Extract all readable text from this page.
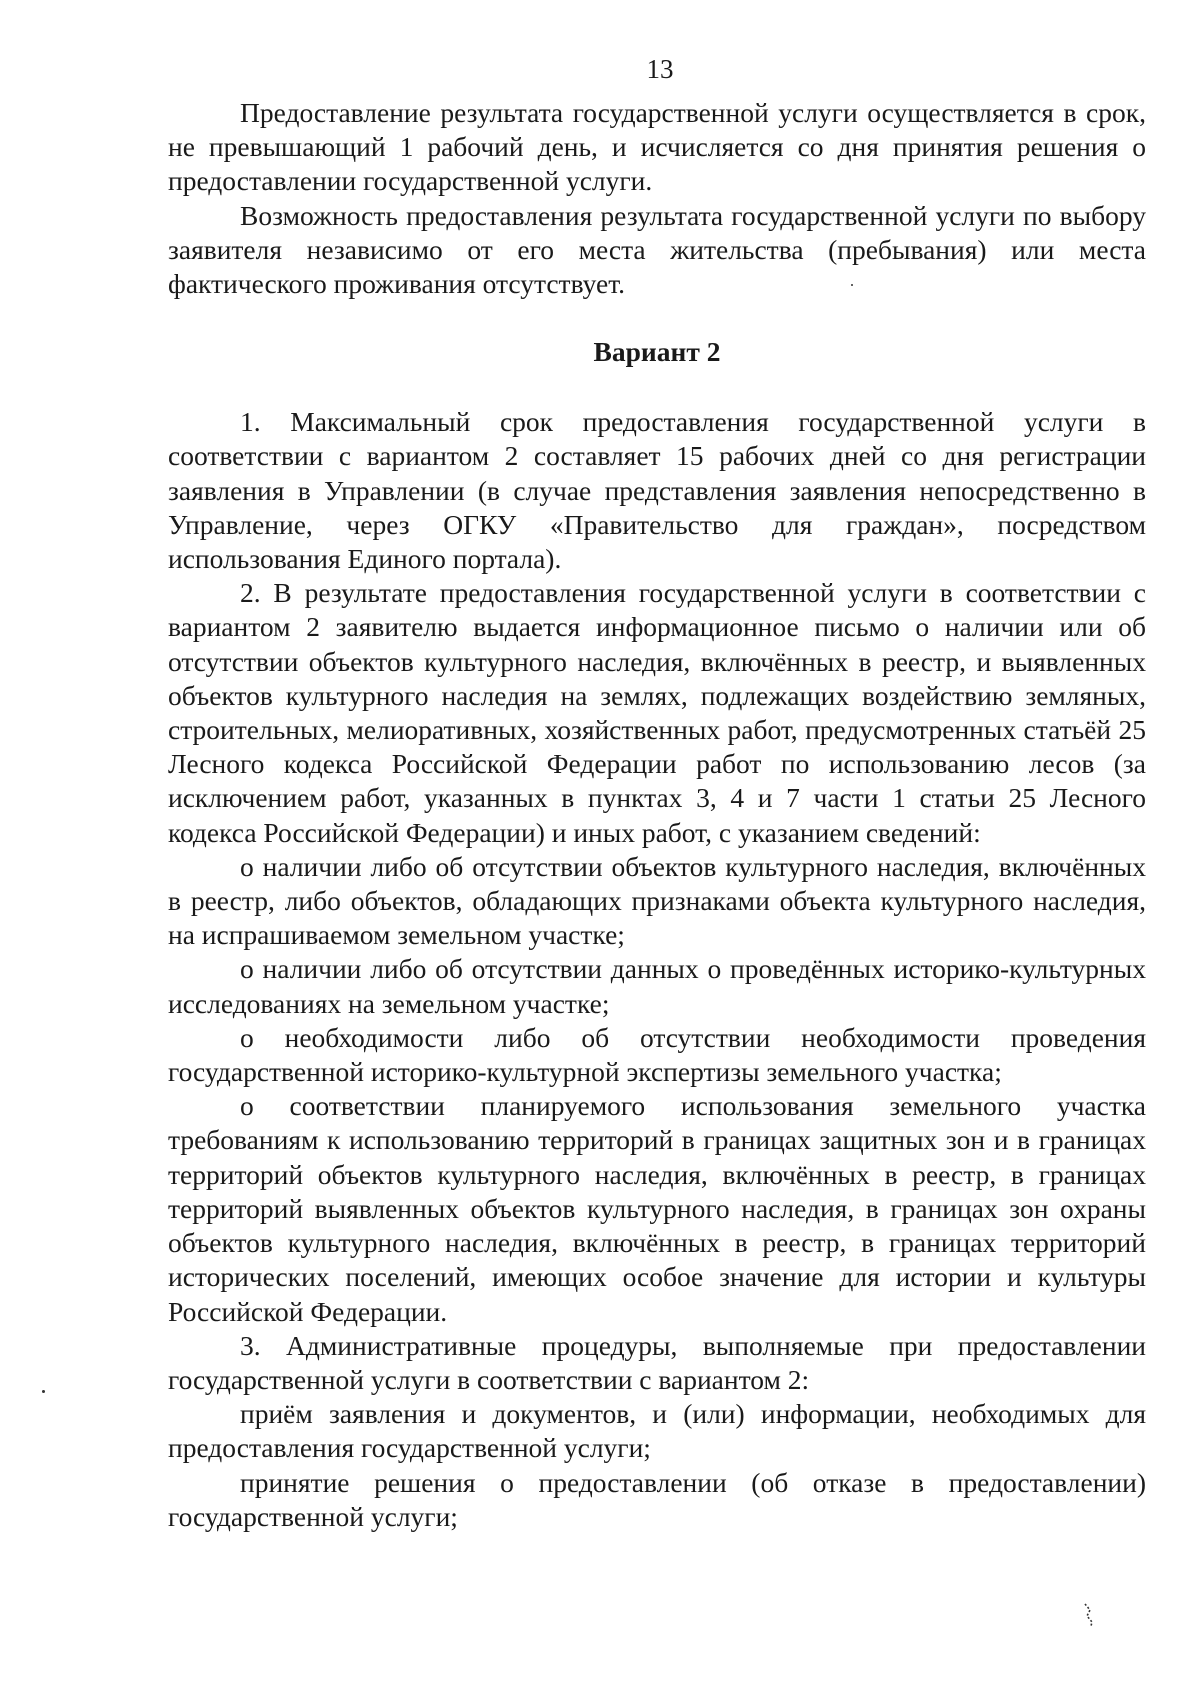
13

Предоставление результата государственной услуги осуществляется в срок, не превышающий 1 рабочий день, и исчисляется со дня принятия решения о предоставлении государственной услуги.

Возможность предоставления результата государственной услуги по выбору заявителя независимо от его места жительства (пребывания) или места фактического проживания отсутствует.

Вариант 2

1. Максимальный срок предоставления государственной услуги в соответствии с вариантом 2 составляет 15 рабочих дней со дня регистрации заявления в Управлении (в случае представления заявления непосредственно в Управление, через ОГКУ «Правительство для граждан», посредством использования Единого портала).

2. В результате предоставления государственной услуги в соответствии с вариантом 2 заявителю выдается информационное письмо о наличии или об отсутствии объектов культурного наследия, включённых в реестр, и выявленных объектов культурного наследия на землях, подлежащих воздействию земляных, строительных, мелиоративных, хозяйственных работ, предусмотренных статьёй 25 Лесного кодекса Российской Федерации работ по использованию лесов (за исключением работ, указанных в пунктах 3, 4 и 7 части 1 статьи 25 Лесного кодекса Российской Федерации) и иных работ, с указанием сведений:

о наличии либо об отсутствии объектов культурного наследия, включённых в реестр, либо объектов, обладающих признаками объекта культурного наследия, на испрашиваемом земельном участке;

о наличии либо об отсутствии данных о проведённых историко-культурных исследованиях на земельном участке;

о необходимости либо об отсутствии необходимости проведения государственной историко-культурной экспертизы земельного участка;

о соответствии планируемого использования земельного участка требованиям к использованию территорий в границах защитных зон и в границах территорий объектов культурного наследия, включённых в реестр, в границах территорий выявленных объектов культурного наследия, в границах зон охраны объектов культурного наследия, включённых в реестр, в границах территорий исторических поселений, имеющих особое значение для истории и культуры Российской Федерации.

3. Административные процедуры, выполняемые при предоставлении государственной услуги в соответствии с вариантом 2:

приём заявления и документов, и (или) информации, необходимых для предоставления государственной услуги;

принятие решения о предоставлении (об отказе в предоставлении) государственной услуги;
